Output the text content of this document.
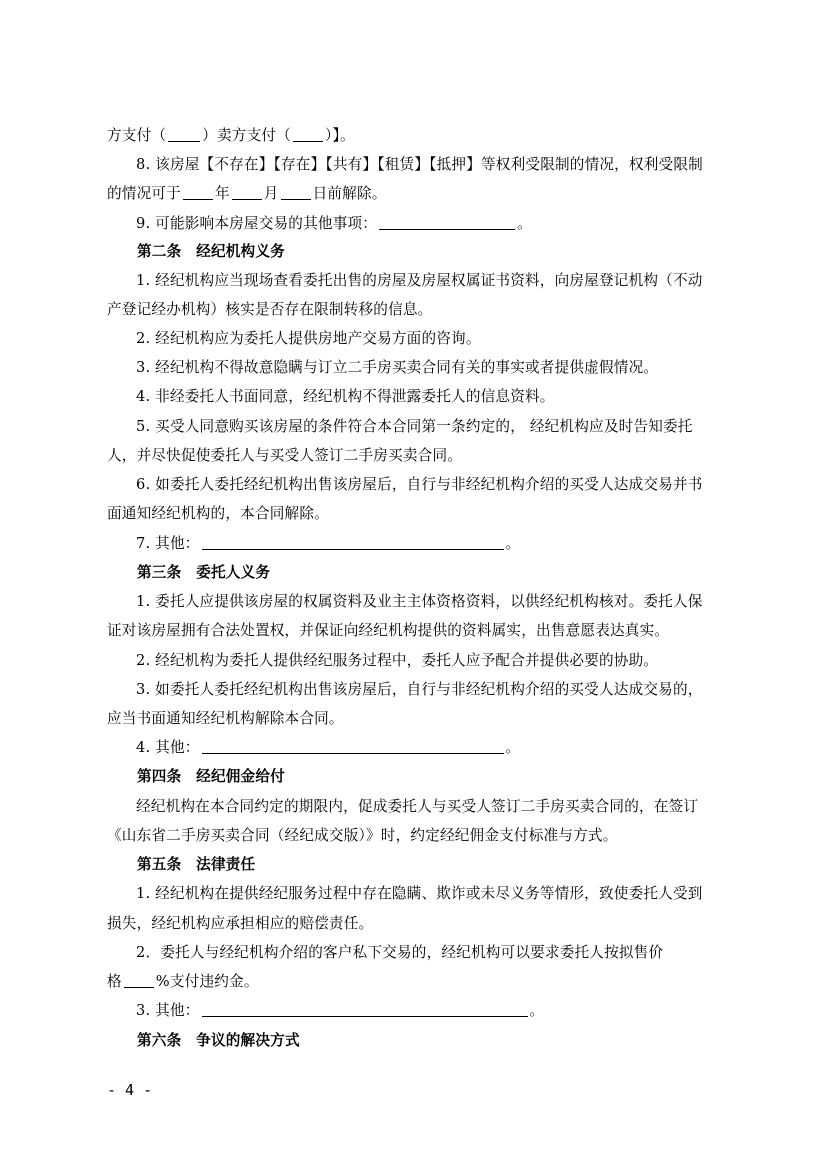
方支付（ ）卖方支付（ ）】。
8. 该房屋【不存在】【存在】【共有】【租赁】【抵押】等权利受限制的情况，权利受限制
的情况可于 年 月 日前解除。
9. 可能影响本房屋交易的其他事项：	。
第二条　经纪机构义务
1. 经纪机构应当现场查看委托出售的房屋及房屋权属证书资料，向房屋登记机构（不动
产登记经办机构）核实是否存在限制转移的信息。
2. 经纪机构应为委托人提供房地产交易方面的咨询。
3. 经纪机构不得故意隐瞒与订立二手房买卖合同有关的事实或者提供虚假情况。
4. 非经委托人书面同意，经纪机构不得泄露委托人的信息资料。
5. 买受人同意购买该房屋的条件符合本合同第一条约定的， 经纪机构应及时告知委托
人，并尽快促使委托人与买受人签订二手房买卖合同。
6. 如委托人委托经纪机构出售该房屋后，自行与非经纪机构介绍的买受人达成交易并书
面通知经纪机构的，本合同解除。
7. 其他：	。
第三条　委托人义务
1. 委托人应提供该房屋的权属资料及业主主体资格资料，以供经纪机构核对。委托人保
证对该房屋拥有合法处置权，并保证向经纪机构提供的资料属实，出售意愿表达真实。
2. 经纪机构为委托人提供经纪服务过程中，委托人应予配合并提供必要的协助。
3. 如委托人委托经纪机构出售该房屋后，自行与非经纪机构介绍的买受人达成交易的，
应当书面通知经纪机构解除本合同。
4. 其他：	。
第四条　经纪佣金给付
经纪机构在本合同约定的期限内，促成委托人与买受人签订二手房买卖合同的，在签订
《山东省二手房买卖合同（经纪成交版）》时，约定经纪佣金支付标准与方式。
第五条　法律责任
1. 经纪机构在提供经纪服务过程中存在隐瞒、欺诈或未尽义务等情形，致使委托人受到
损失，经纪机构应承担相应的赔偿责任。
2．委托人与经纪机构介绍的客户私下交易的，经纪机构可以要求委托人按拟售价
格 %支付违约金。
3. 其他：	。
第六条　争议的解决方式
- 4 -
